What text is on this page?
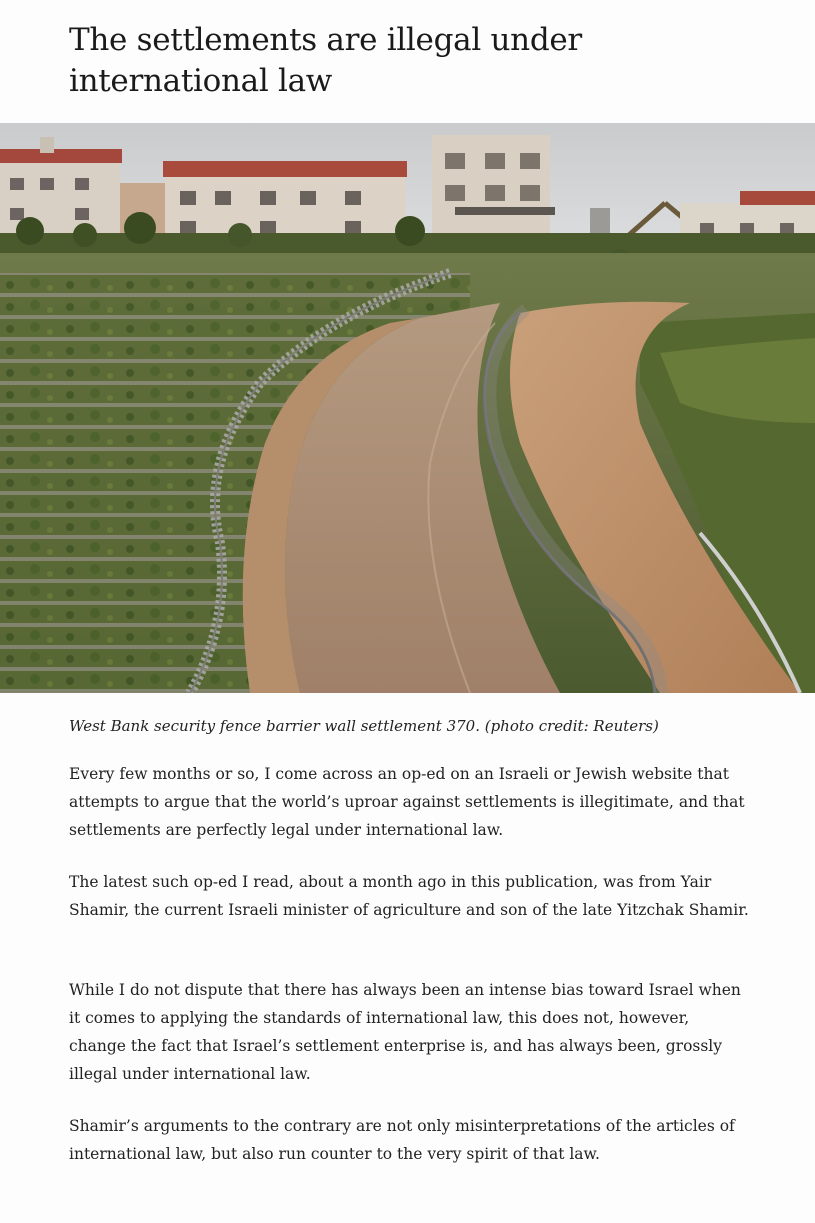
The settlements are illegal under international law

West Bank security fence barrier wall settlement 370. (photo credit: Reuters)

Every few months or so, I come across an op-ed on an Israeli or Jewish website that attempts to argue that the world’s uproar against settlements is illegitimate, and that settlements are perfectly legal under international law.

The latest such op-ed I read, about a month ago in this publication, was from Yair Shamir, the current Israeli minister of agriculture and son of the late Yitzchak Shamir.

While I do not dispute that there has always been an intense bias toward Israel when it comes to applying the standards of international law, this does not, however, change the fact that Israel’s settlement enterprise is, and has always been, grossly illegal under international law.

Shamir’s arguments to the contrary are not only misinterpretations of the articles of international law, but also run counter to the very spirit of that law.
